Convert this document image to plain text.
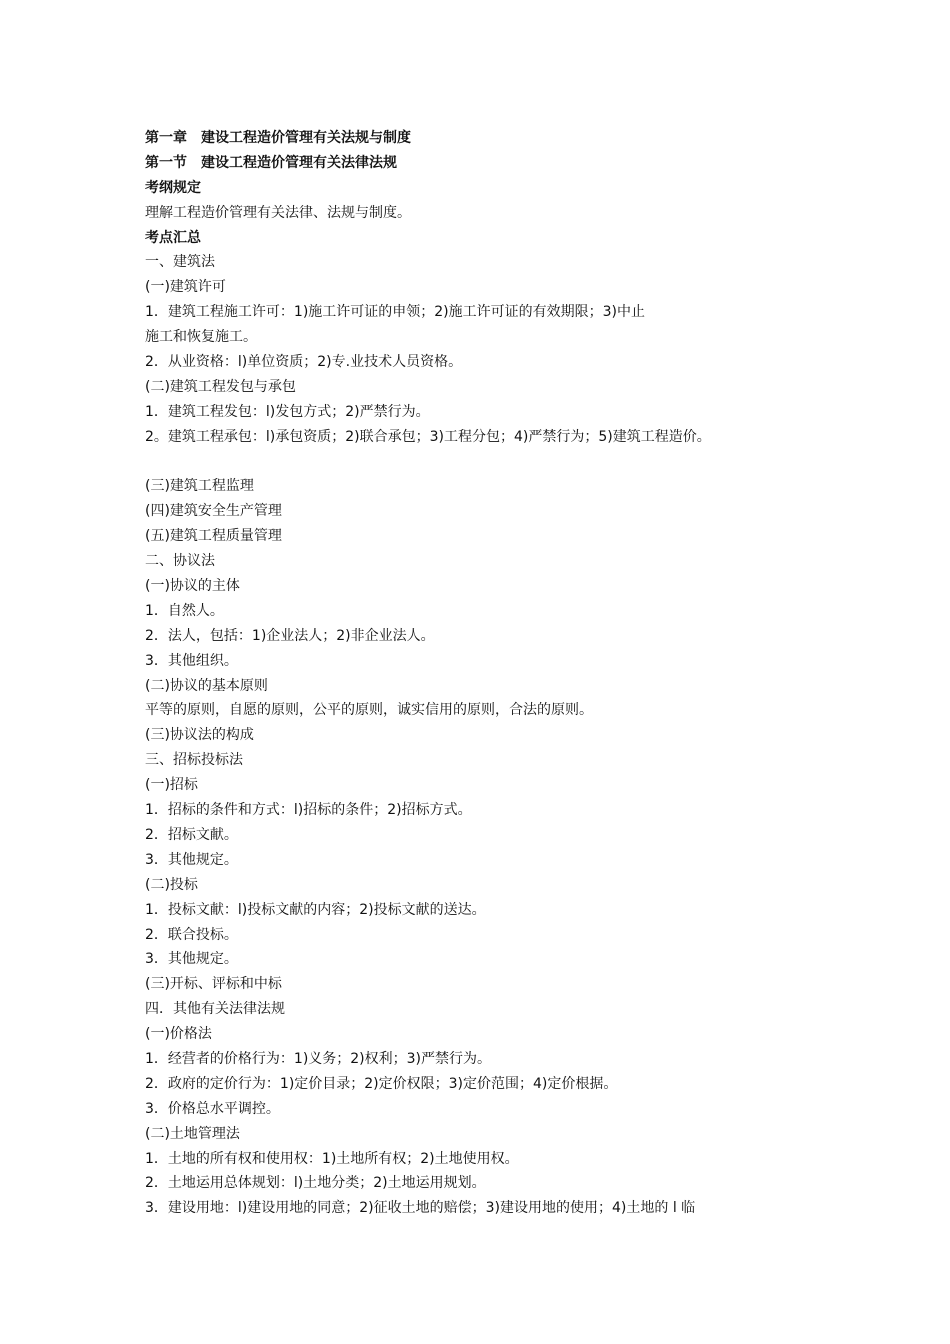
第一章　建设工程造价管理有关法规与制度
第一节　建设工程造价管理有关法律法规
考纲规定
理解工程造价管理有关法律、法规与制度。
考点汇总
一、建筑法
(一)建筑许可
1．建筑工程施工许可：1)施工许可证的申领；2)施工许可证的有效期限；3)中止
施工和恢复施工。
2．从业资格：l)单位资质；2)专.业技术人员资格。
(二)建筑工程发包与承包
1．建筑工程发包：l)发包方式；2)严禁行为。
2。建筑工程承包：l)承包资质；2)联合承包；3)工程分包；4)严禁行为；5)建筑工程造价。
(三)建筑工程监理
(四)建筑安全生产管理
(五)建筑工程质量管理
二、协议法
(一)协议的主体
1．自然人。
2．法人，包括：1)企业法人；2)非企业法人。
3．其他组织。
(二)协议的基本原则
平等的原则，自愿的原则，公平的原则，诚实信用的原则，合法的原则。
(三)协议法的构成
三、招标投标法
(一)招标
1．招标的条件和方式：l)招标的条件；2)招标方式。
2．招标文献。
3．其他规定。
(二)投标
1．投标文献：l)投标文献的内容；2)投标文献的送达。
2．联合投标。
3．其他规定。
(三)开标、评标和中标
四．其他有关法律法规
(一)价格法
1．经营者的价格行为：1)义务；2)权利；3)严禁行为。
2．政府的定价行为：1)定价目录；2)定价权限；3)定价范围；4)定价根据。
3．价格总水平调控。
(二)土地管理法
1．土地的所有权和使用权：1)土地所有权；2)土地使用权。
2．土地运用总体规划：l)土地分类；2)土地运用规划。
3．建设用地：l)建设用地的同意；2)征收土地的赔偿；3)建设用地的使用；4)土地的 l 临
